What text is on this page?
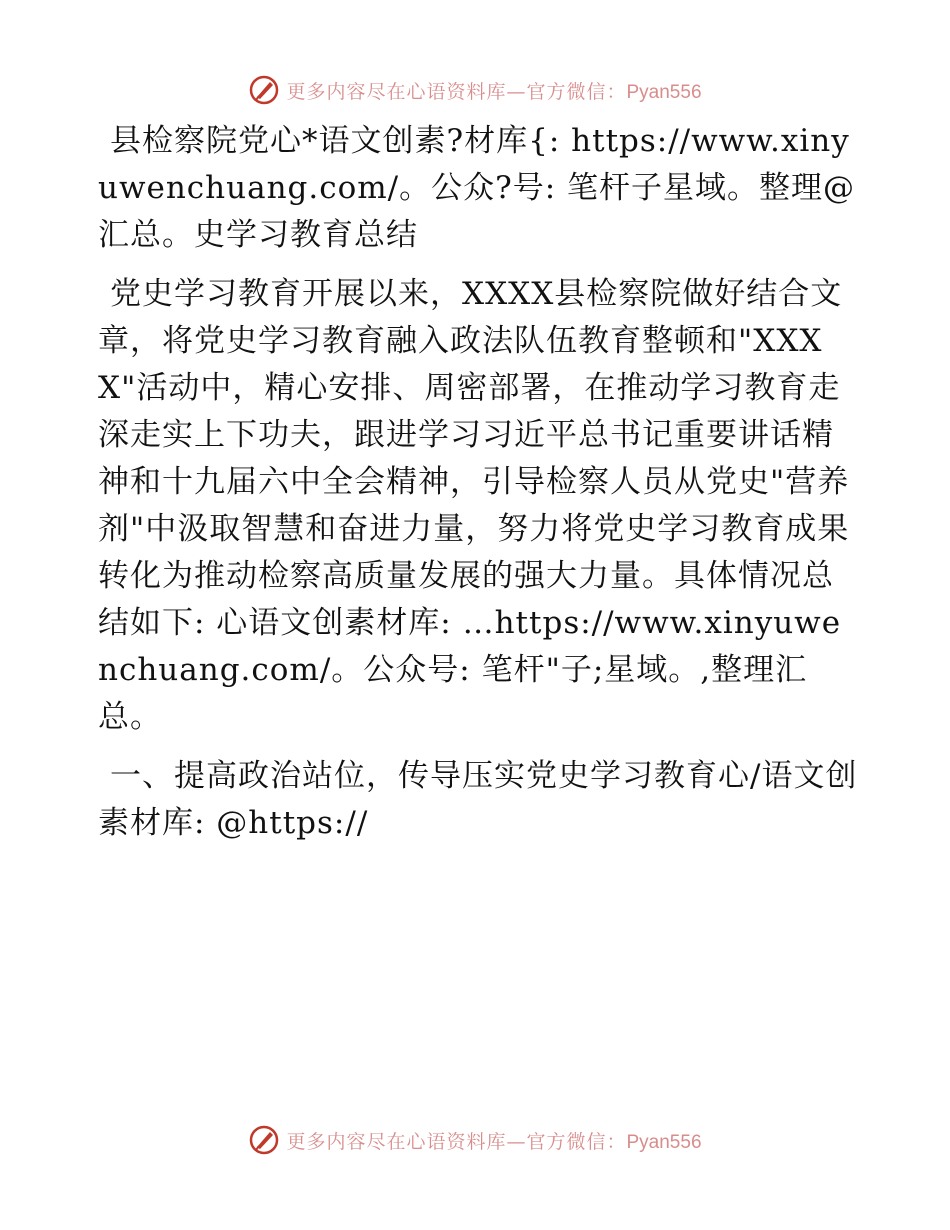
更多内容尽在心语资料库—官方微信：Pyan556

县检察院党心*语文创素?材库{: https://www.xinyuwenchuang.com/。公众?号: 笔杆子星域。整理@汇总。史学习教育总结

党史学习教育开展以来，XXXX县检察院做好结合文章，将党史学习教育融入政法队伍教育整顿和"XXXX"活动中，精心安排、周密部署，在推动学习教育走深走实上下功夫，跟进学习习近平总书记重要讲话精神和十九届六中全会精神，引导检察人员从党史"营养剂"中汲取智慧和奋进力量，努力将党史学习教育成果转化为推动检察高质量发展的强大力量。具体情况总结如下: 心语文创素材库: …https://www.xinyuwenchuang.com/。公众号: 笔杆"子;星域。,整理汇总。

一、提高政治站位，传导压实党史学习教育心/语文创素材库: @https://

更多内容尽在心语资料库—官方微信：Pyan556
